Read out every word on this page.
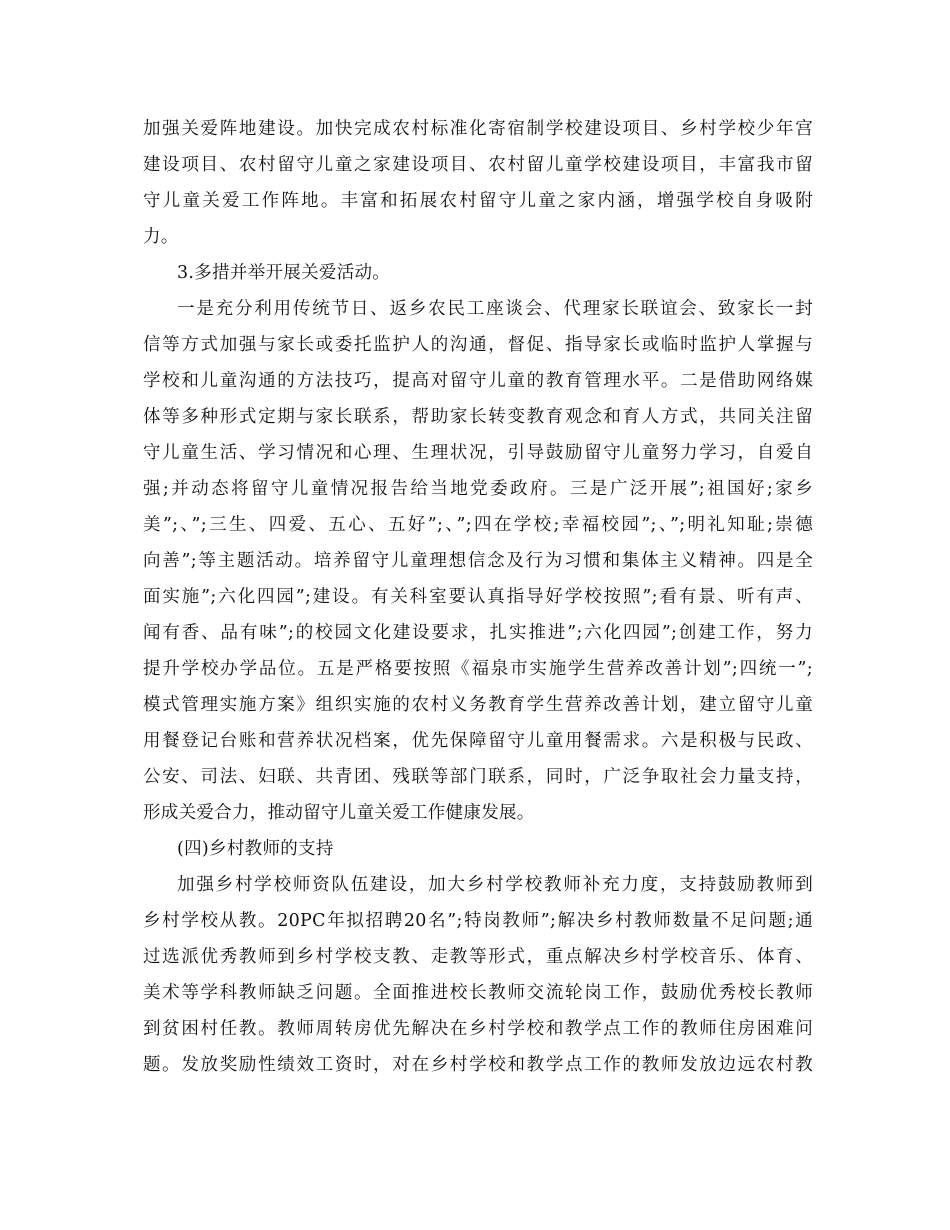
加强关爱阵地建设。加快完成农村标准化寄宿制学校建设项目、乡村学校少年宫
建设项目、农村留守儿童之家建设项目、农村留儿童学校建设项目，丰富我市留
守儿童关爱工作阵地。丰富和拓展农村留守儿童之家内涵，增强学校自身吸附
力。
3.多措并举开展关爱活动。
一是充分利用传统节日、返乡农民工座谈会、代理家长联谊会、致家长一封
信等方式加强与家长或委托监护人的沟通，督促、指导家长或临时监护人掌握与
学校和儿童沟通的方法技巧，提高对留守儿童的教育管理水平。二是借助网络媒
体等多种形式定期与家长联系，帮助家长转变教育观念和育人方式，共同关注留
守儿童生活、学习情况和心理、生理状况，引导鼓励留守儿童努力学习，自爱自
强;并动态将留守儿童情况报告给当地党委政府。三是广泛开展”;祖国好;家乡
美”;、”;三生、四爱、五心、五好”;、”;四在学校;幸福校园”;、”;明礼知耻;崇德
向善”;等主题活动。培养留守儿童理想信念及行为习惯和集体主义精神。四是全
面实施”;六化四园”;建设。有关科室要认真指导好学校按照”;看有景、听有声、
闻有香、品有味”;的校园文化建设要求，扎实推进”;六化四园”;创建工作，努力
提升学校办学品位。五是严格要按照《福泉市实施学生营养改善计划”;四统一”;
模式管理实施方案》组织实施的农村义务教育学生营养改善计划，建立留守儿童
用餐登记台账和营养状况档案，优先保障留守儿童用餐需求。六是积极与民政、
公安、司法、妇联、共青团、残联等部门联系，同时，广泛争取社会力量支持，
形成关爱合力，推动留守儿童关爱工作健康发展。
(四)乡村教师的支持
加强乡村学校师资队伍建设，加大乡村学校教师补充力度，支持鼓励教师到
乡村学校从教。20PC年拟招聘20名”;特岗教师”;解决乡村教师数量不足问题;通
过选派优秀教师到乡村学校支教、走教等形式，重点解决乡村学校音乐、体育、
美术等学科教师缺乏问题。全面推进校长教师交流轮岗工作，鼓励优秀校长教师
到贫困村任教。教师周转房优先解决在乡村学校和教学点工作的教师住房困难问
题。发放奖励性绩效工资时，对在乡村学校和教学点工作的教师发放边远农村教
